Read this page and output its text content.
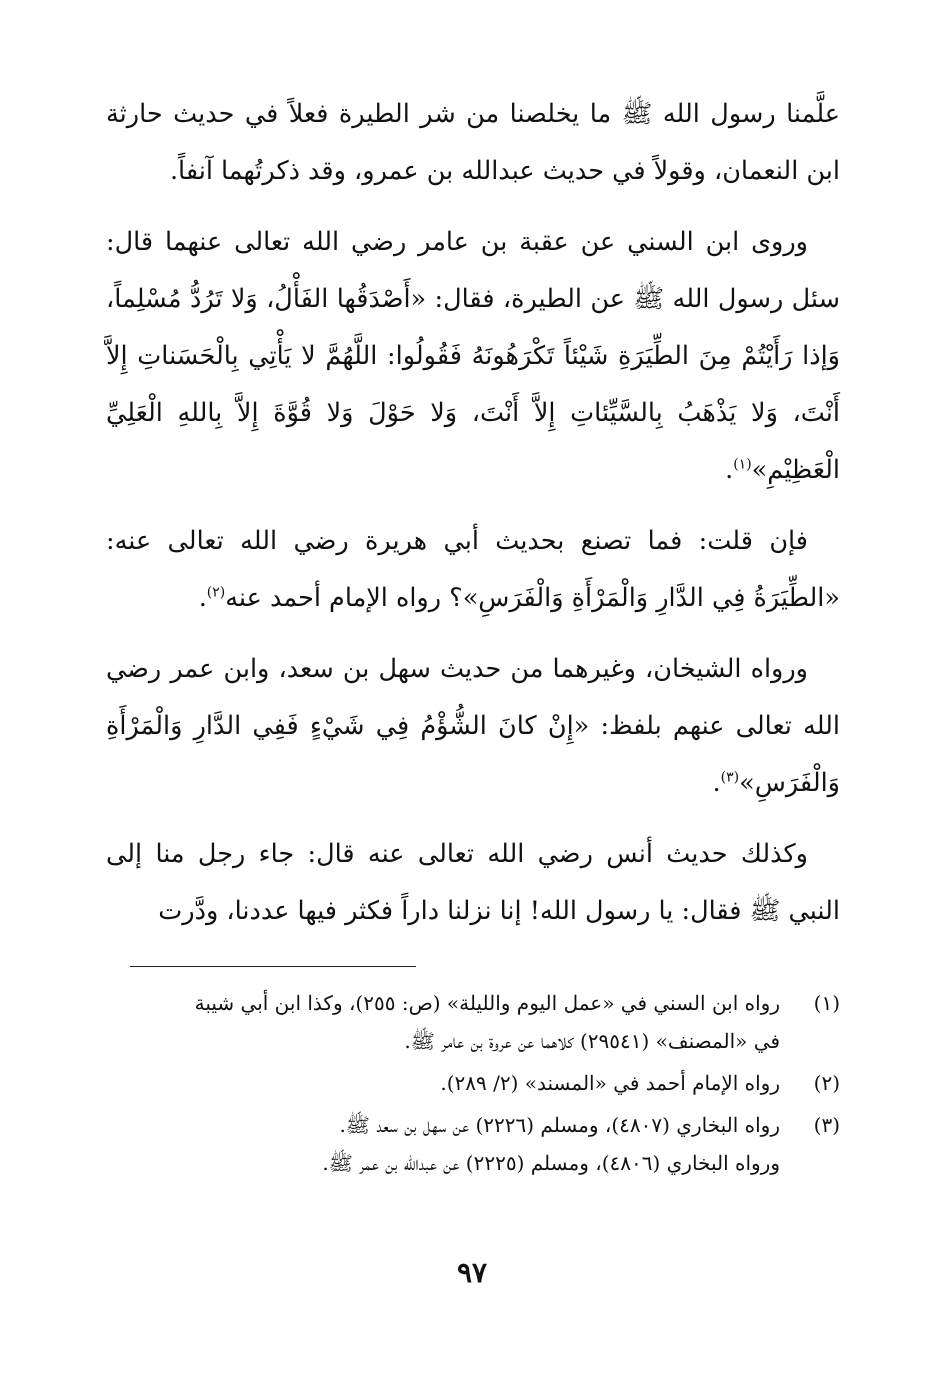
علَّمنا رسول الله ﷺ ما يخلصنا من شر الطيرة فعلاً في حديث حارثة ابن النعمان، وقولاً في حديث عبدالله بن عمرو، وقد ذكرتُهما آنفاً.

وروى ابن السني عن عقبة بن عامر رضي الله تعالى عنهما قال: سئل رسول الله ﷺ عن الطيرة، فقال: «أَصْدَقُها الفَأْلُ، وَلا تَرُدُّ مُسْلِماً، وَإذا رَأَيْتُمْ مِنَ الطِّيَرَةِ شَيْئاً تَكْرَهُونَهُ فَقُولُوا: اللَّهُمَّ لا يَأْتِي بِالْحَسَناتِ إِلاَّ أَنْتَ، وَلا يَذْهَبُ بِالسَّيِّئاتِ إِلاَّ أَنْتَ، وَلا حَوْلَ وَلا قُوَّةَ إِلاَّ بِاللهِ الْعَلِيِّ الْعَظِيْمِ»$^{(١)}$.

فإن قلت: فما تصنع بحديث أبي هريرة رضي الله تعالى عنه: «الطِّيَرَةُ فِي الدَّارِ وَالْمَرْأَةِ وَالْفَرَسِ»؟ رواه الإمام أحمد عنه$^{(٢)}$.

ورواه الشيخان، وغيرهما من حديث سهل بن سعد، وابن عمر رضي الله تعالى عنهم بلفظ: «إِنْ كانَ الشُّؤْمُ فِي شَيْءٍ فَفِي الدَّارِ وَالْمَرْأَةِ وَالْفَرَسِ»$^{(٣)}$.

وكذلك حديث أنس رضي الله تعالى عنه قال: جاء رجل منا إلى النبي ﷺ فقال: يا رسول الله! إنا نزلنا داراً فكثر فيها عددنا، ودَّرت

(١)
رواه ابن السني في «عمل اليوم والليلة» (ص: ٢٥٥)، وكذا ابن أبي شيبة
في «المصنف» (٢٩٥٤١) كلاهما عن عروة بن عامر ﷺ.
(٢)
رواه الإمام أحمد في «المسند» (٢/ ٢٨٩).
(٣)
رواه البخاري (٤٨٠٧)، ومسلم (٢٢٢٦) عن سهل بن سعد ﷺ.
ورواه البخاري (٤٨٠٦)، ومسلم (٢٢٢٥) عن عبدالله بن عمر ﷺ.
٩٧
